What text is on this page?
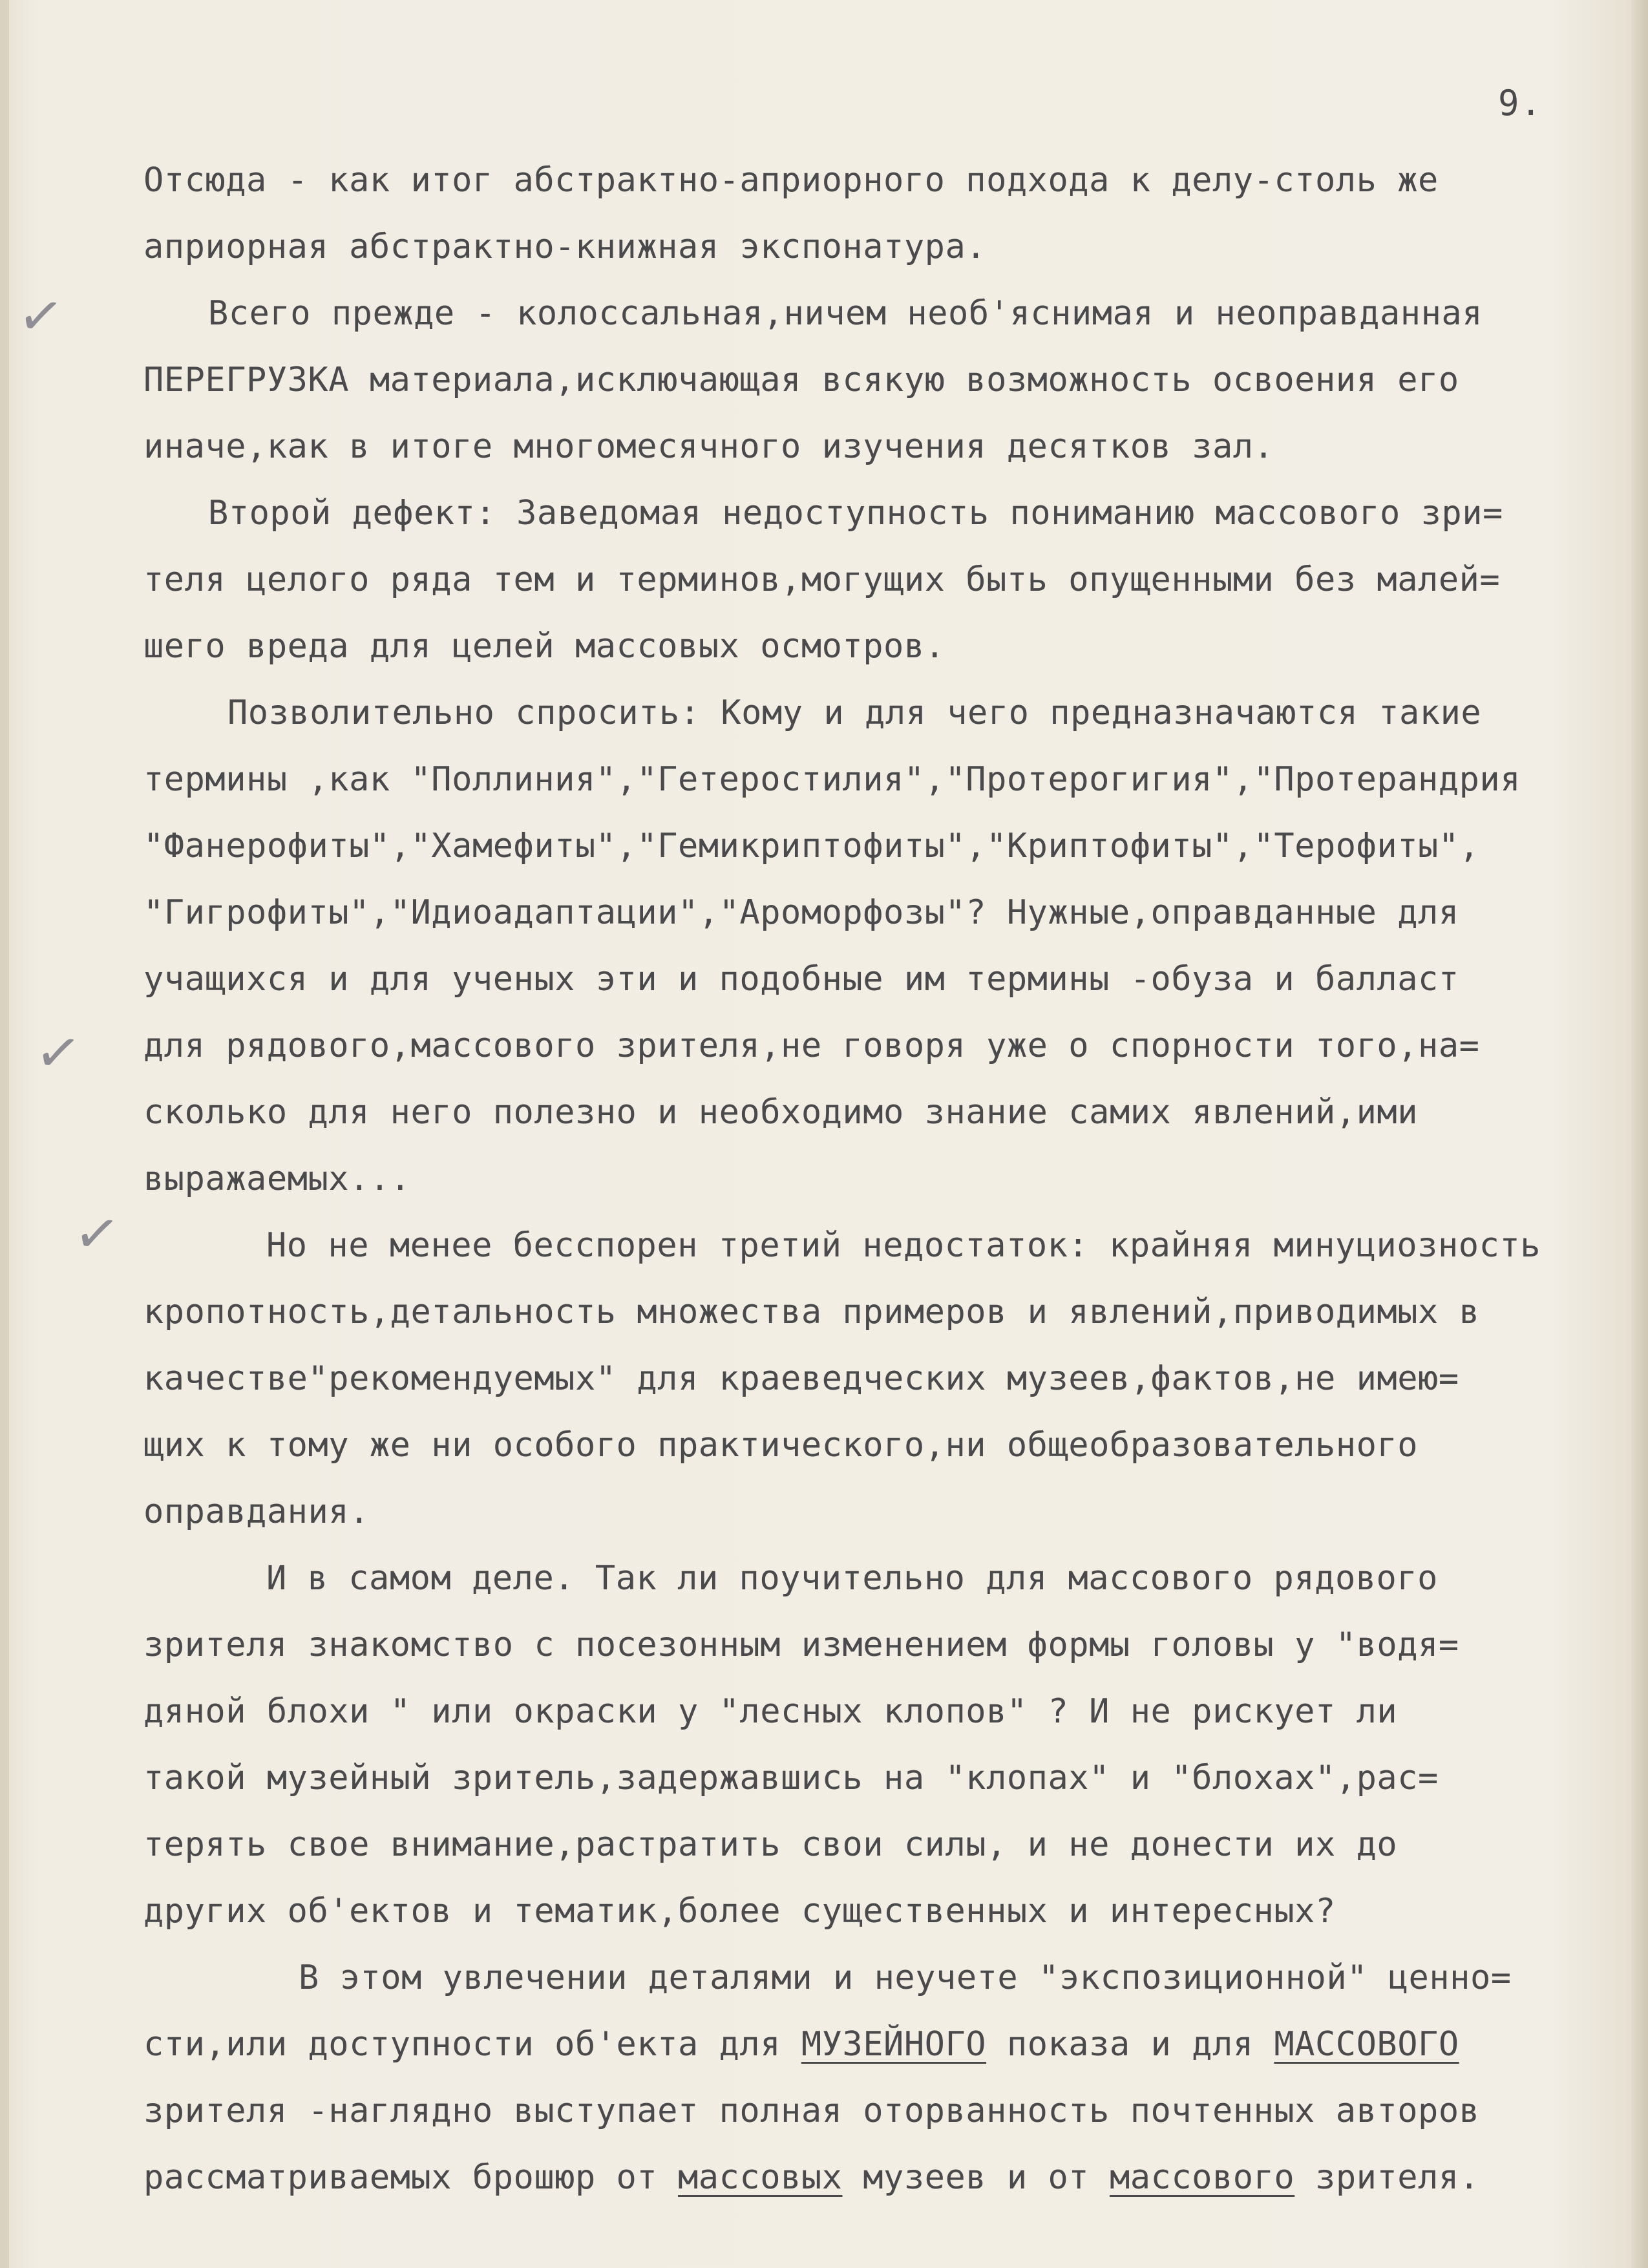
9.
✓
✓
✓
Отсюда - как итог абстрактно-априорного подхода к делу-столь же
априорная абстрактно-книжная экспонатура.
Всего прежде - колоссальная,ничем необ'яснимая и неоправданная
ПЕРЕГРУЗКА материала,исключающая всякую возможность освоения его
иначе,как в итоге многомесячного изучения десятков зал.
Второй дефект: Заведомая недоступность пониманию массового зри=
теля целого ряда тем и терминов,могущих быть опущенными без малей=
шего вреда для целей массовых осмотров.
Позволительно спросить: Кому и для чего предназначаются такие
термины ,как "Поллиния","Гетеростилия","Протерогигия","Протерандрия
"Фанерофиты","Хамефиты","Гемикриптофиты","Криптофиты","Терофиты",
"Гигрофиты","Идиоадаптации","Ароморфозы"? Нужные,оправданные для
учащихся и для ученых эти и подобные им термины -обуза и балласт
для рядового,массового зрителя,не говоря уже о спорности того,на=
сколько для него полезно и необходимо знание самих явлений,ими
выражаемых...
Но не менее бесспорен третий недостаток: крайняя минуциозность
кропотность,детальность множества примеров и явлений,приводимых в
качестве"рекомендуемых" для краеведческих музеев,фактов,не имею=
щих к тому же ни особого практического,ни общеобразовательного
оправдания.
И в самом деле. Так ли поучительно для массового рядового
зрителя знакомство с посезонным изменением формы головы у "водя=
дяной блохи " или окраски у "лесных клопов" ? И не рискует ли
такой музейный зритель,задержавшись на "клопах" и "блохах",рас=
терять свое внимание,растратить свои силы, и не донести их до
других об'ектов и тематик,более существенных и интересных?
В этом увлечении деталями и неучете "экспозиционной" ценно=
сти,или доступности об'екта для МУЗЕЙНОГО показа и для МАССОВОГО
зрителя -наглядно выступает полная оторванность почтенных авторов
рассматриваемых брошюр от массовых музеев и от массового зрителя.
